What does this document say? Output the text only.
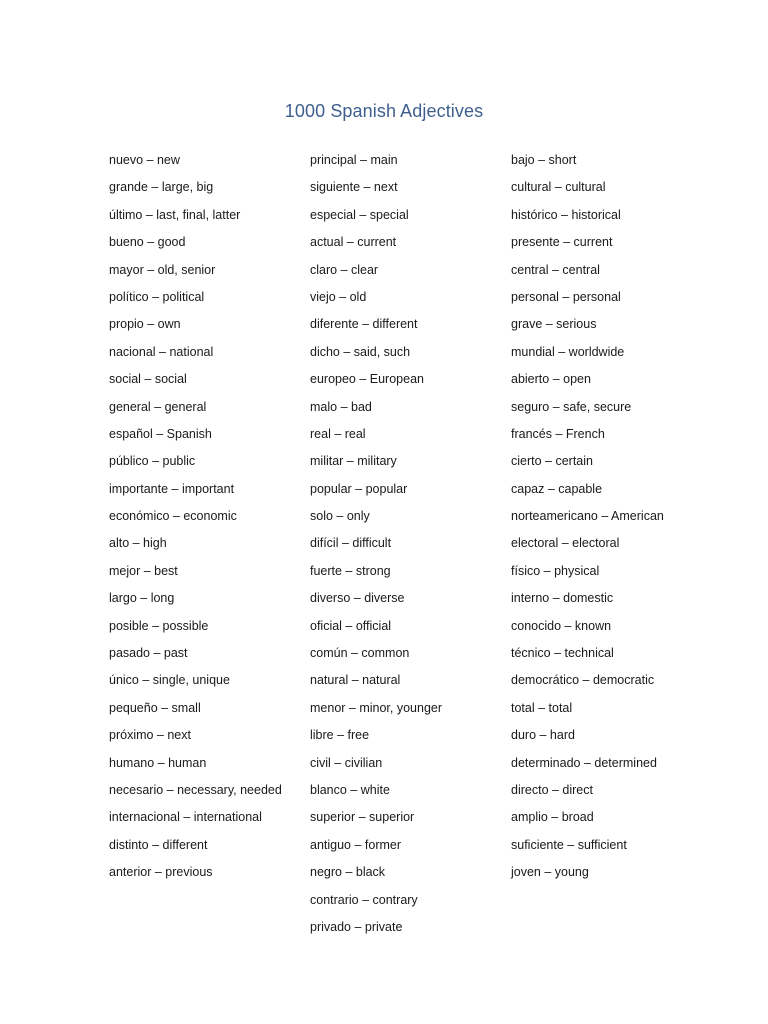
1000 Spanish Adjectives
nuevo – new
grande – large, big
último – last, final, latter
bueno – good
mayor – old, senior
político – political
propio – own
nacional – national
social – social
general – general
español – Spanish
público – public
importante – important
económico – economic
alto – high
mejor – best
largo – long
posible – possible
pasado – past
único – single, unique
pequeño – small
próximo – next
humano – human
necesario – necessary, needed
internacional – international
distinto – different
anterior – previous
principal – main
siguiente – next
especial – special
actual – current
claro – clear
viejo – old
diferente – different
dicho – said, such
europeo – European
malo – bad
real – real
militar – military
popular – popular
solo – only
difícil – difficult
fuerte – strong
diverso – diverse
oficial – official
común – common
natural – natural
menor – minor, younger
libre – free
civil – civilian
blanco – white
superior – superior
antiguo – former
negro – black
contrario – contrary
privado – private
bajo – short
cultural – cultural
histórico – historical
presente – current
central – central
personal – personal
grave – serious
mundial – worldwide
abierto – open
seguro – safe, secure
francés – French
cierto – certain
capaz – capable
norteamericano – American
electoral – electoral
físico – physical
interno – domestic
conocido – known
técnico – technical
democrático – democratic
total – total
duro – hard
determinado – determined
directo – direct
amplio – broad
suficiente – sufficient
joven – young
